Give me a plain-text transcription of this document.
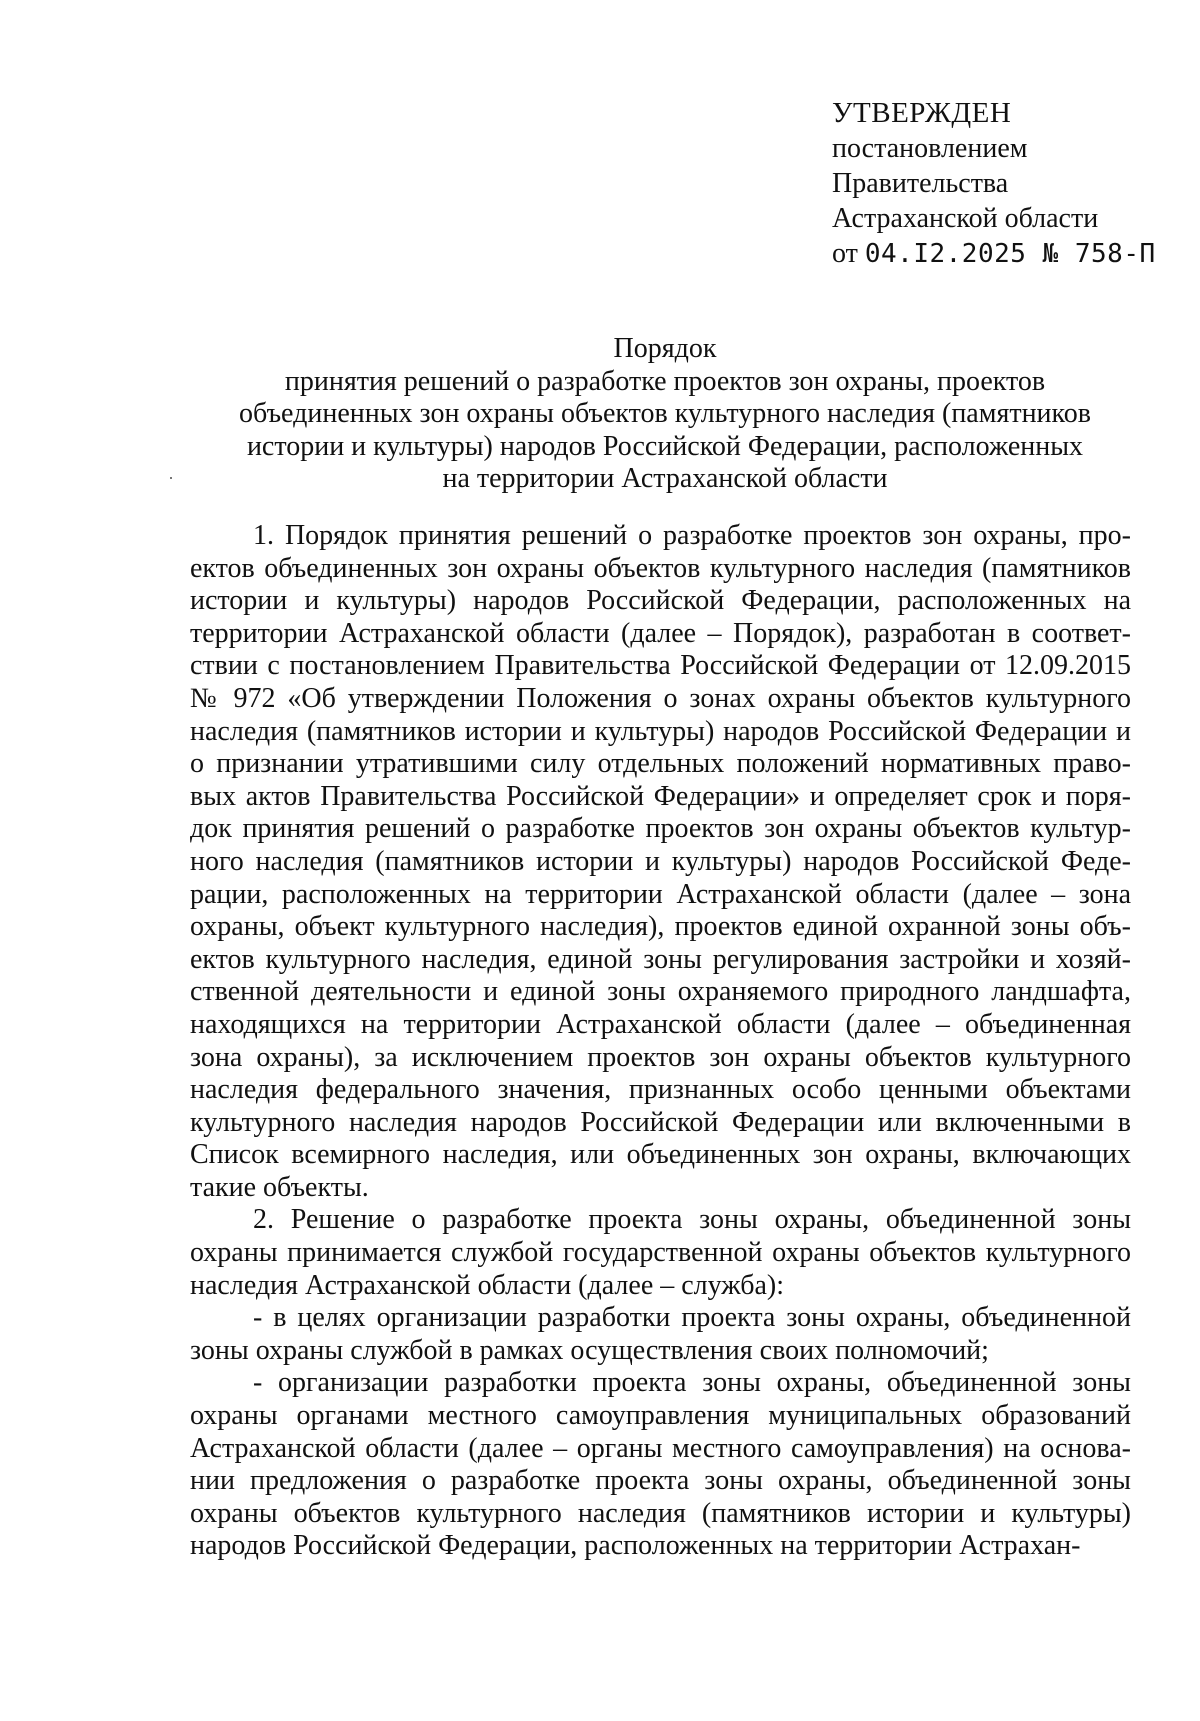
УТВЕРЖДЕН
постановлением
Правительства
Астраханской области
от 04.I2.2025 № 758-П
Порядок
принятия решений о разработке проектов зон охраны, проектов
объединенных зон охраны объектов культурного наследия (памятников
истории и культуры) народов Российской Федерации, расположенных
на территории Астраханской области

1. Порядок принятия решений о разработке проектов зон охраны, проектов объединенных зон охраны объектов культурного наследия (памятников истории и культуры) народов Российской Федерации, расположенных на территории Астраханской области (далее – Порядок), разработан в соответствии с постановлением Правительства Российской Федерации от 12.09.2015 № 972 «Об утверждении Положения о зонах охраны объектов культурного наследия (памятников истории и культуры) народов Российской Федерации и о признании утратившими силу отдельных положений нормативных правовых актов Правительства Российской Федерации» и определяет срок и порядок принятия решений о разработке проектов зон охраны объектов культурного наследия (памятников истории и культуры) народов Российской Федерации, расположенных на территории Астраханской области (далее – зона охраны, объект культурного наследия), проектов единой охранной зоны объектов культурного наследия, единой зоны регулирования застройки и хозяйственной деятельности и единой зоны охраняемого природного ландшафта, находящихся на территории Астраханской области (далее – объединенная зона охраны), за исключением проектов зон охраны объектов культурного наследия федерального значения, признанных особо ценными объектами культурного наследия народов Российской Федерации или включенными в Список всемирного наследия, или объединенных зон охраны, включающих такие объекты.

2. Решение о разработке проекта зоны охраны, объединенной зоны охраны принимается службой государственной охраны объектов культурного наследия Астраханской области (далее – служба):

- в целях организации разработки проекта зоны охраны, объединенной зоны охраны службой в рамках осуществления своих полномочий;

- организации разработки проекта зоны охраны, объединенной зоны охраны органами местного самоуправления муниципальных образований Астраханской области (далее – органы местного самоуправления) на основании предложения о разработке проекта зоны охраны, объединенной зоны охраны объектов культурного наследия (памятников истории и культуры) народов Российской Федерации, расположенных на территории Астрахан-
